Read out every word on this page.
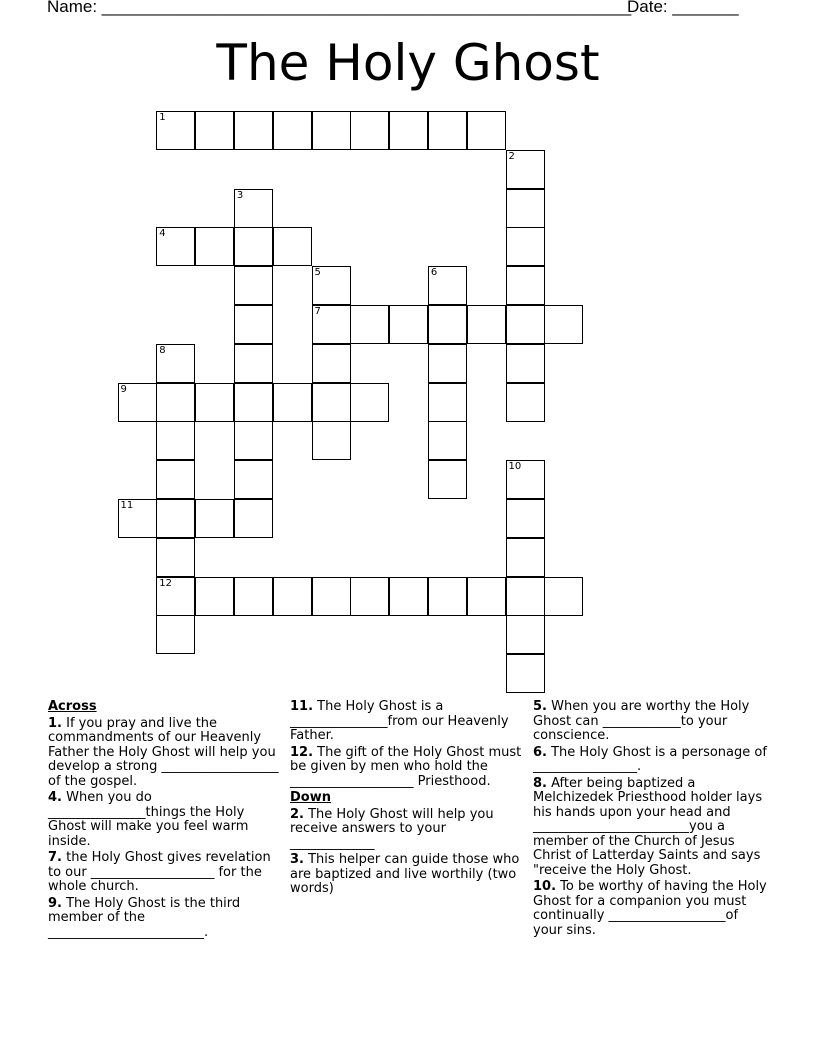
Name: ________________________________________________________
Date: _______
The Holy Ghost
1
2
3
4
5	6
7
8
9
10
11
12
Across
1. If you pray and live the commandments of our Heavenly Father the Holy Ghost will help you develop a strong __________________ of the gospel.
4. When you do _______________things the Holy Ghost will make you feel warm inside.
7. the Holy Ghost gives revelation to our ___________________ for the whole church.
9. The Holy Ghost is the third member of the ________________________.
11. The Holy Ghost is a _______________from our Heavenly Father.
12. The gift of the Holy Ghost must be given by men who hold the ___________________ Priesthood.
Down
2. The Holy Ghost will help you receive answers to your _____________
3. This helper can guide those who are baptized and live worthily (two words)
5. When you are worthy the Holy Ghost can ____________to your conscience.
6. The Holy Ghost is a personage of ________________.
8. After being baptized a Melchizedek Priesthood holder lays his hands upon your head and ________________________you a member of the Church of Jesus Christ of Latterday Saints and says "receive the Holy Ghost.
10. To be worthy of having the Holy Ghost for a companion you must continually __________________of your sins.
